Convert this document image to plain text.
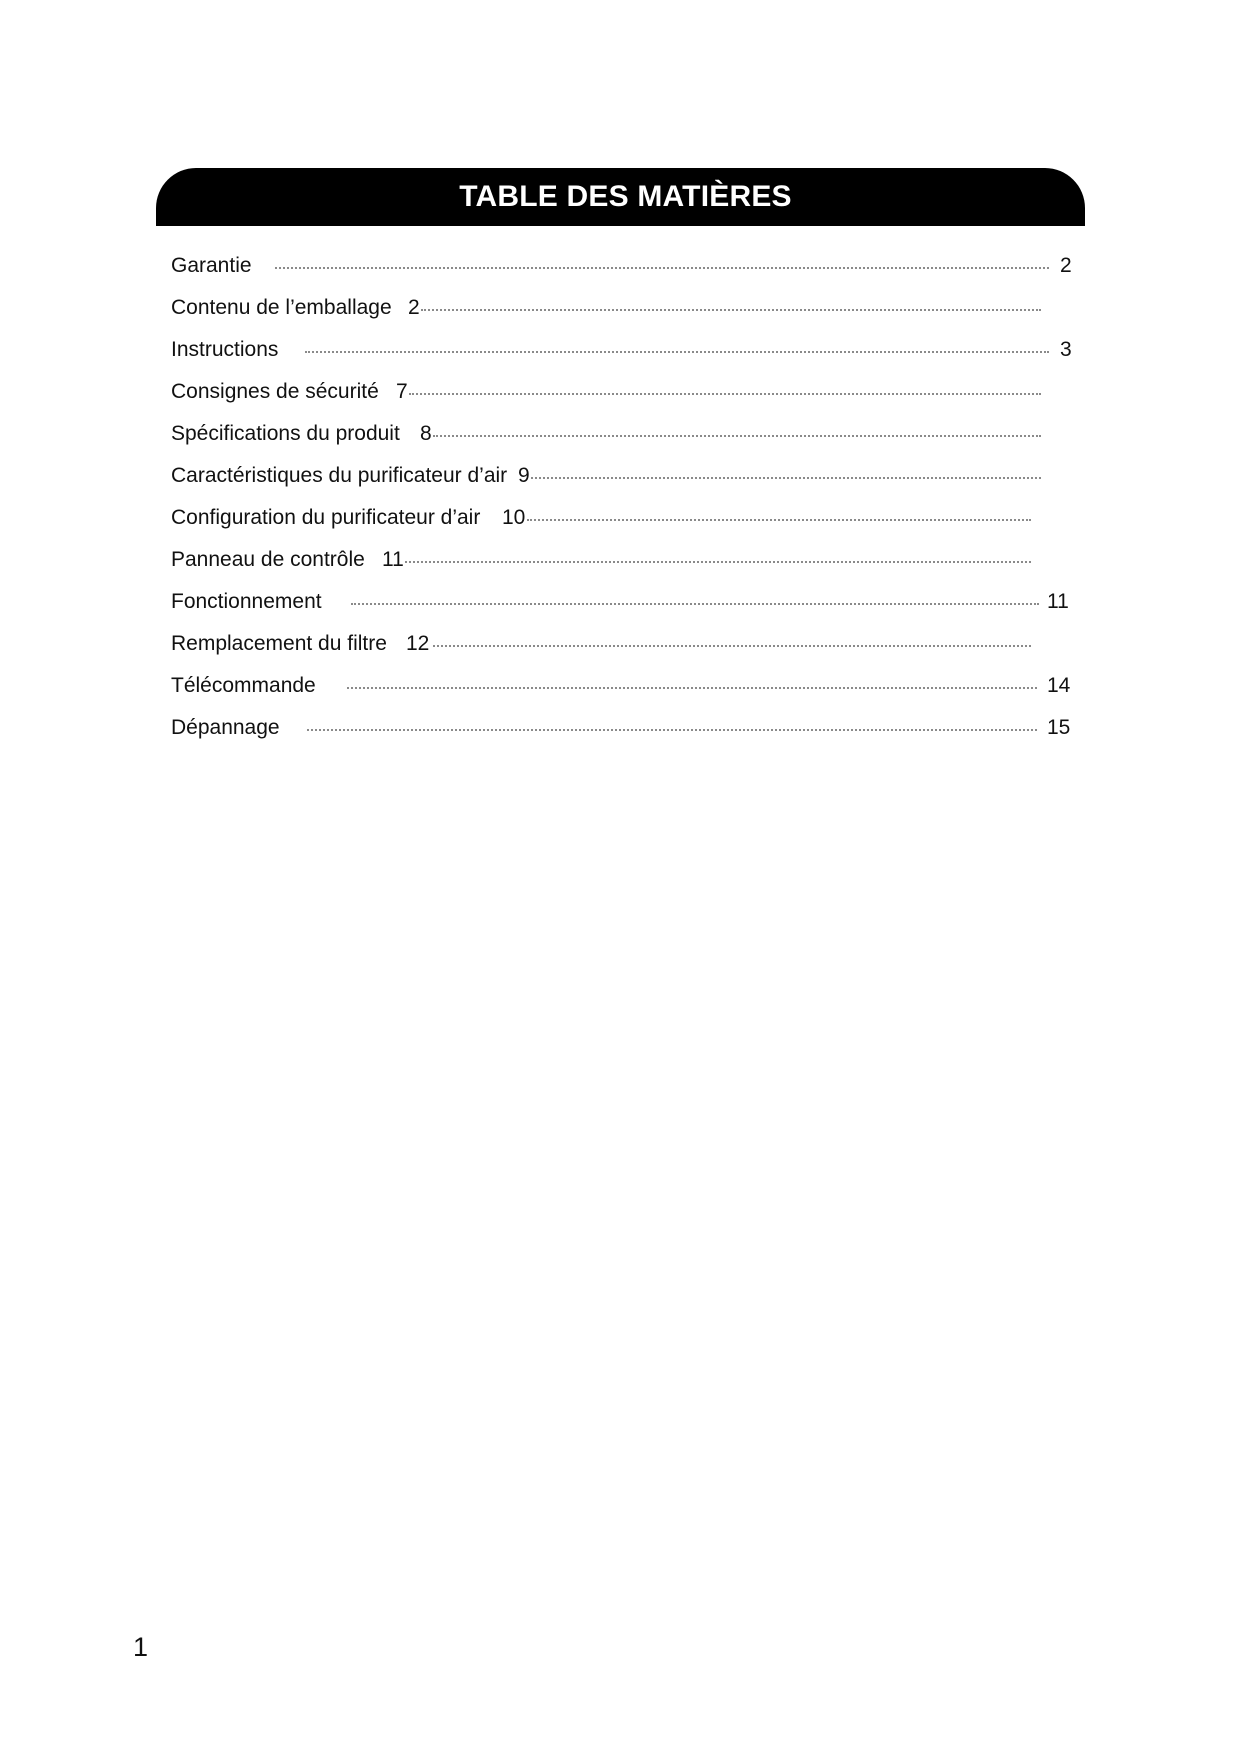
TABLE DES MATIÈRES
Garantie	2
Contenu de l’emballage 2
Instructions	3
Consignes de sécurité 7
Spécifications du produit 8
Caractéristiques du purificateur d’air 9
Configuration du purificateur d’air	10
Panneau de contrôle 11
Fonctionnement	11
Remplacement du filtre 12
Télécommande	14
Dépannage	15
1
